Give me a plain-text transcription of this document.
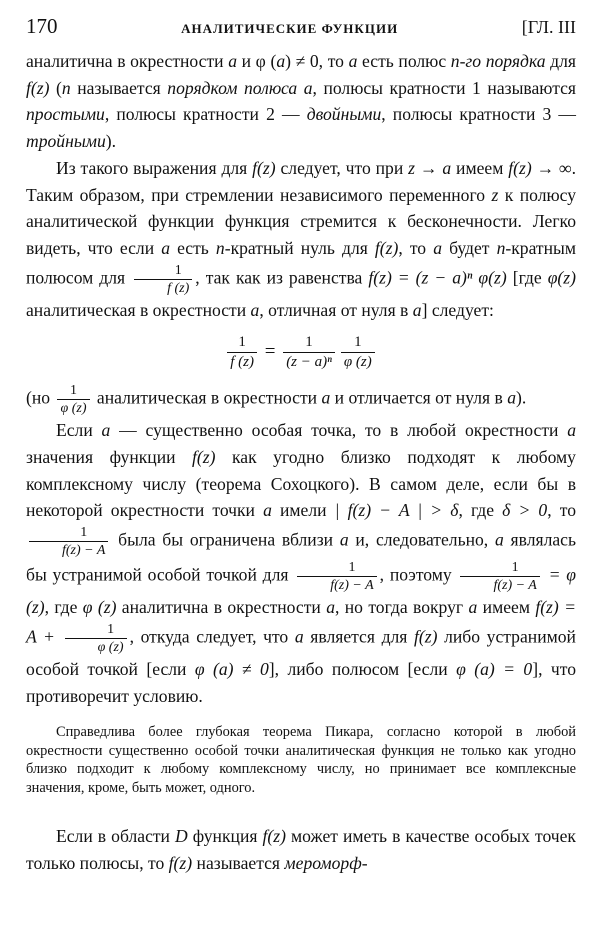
170	АНАЛИТИЧЕСКИЕ ФУНКЦИИ	[ГЛ. III

аналитична в окрестности a и φ (a) ≠ 0, то a есть полюс n-го порядка для f(z) (n называется порядком полюса a, полюсы кратности 1 называются простыми, полюсы кратности 2 — двойными, полюсы кратности 3 — тройными).

Из такого выражения для f(z) следует, что при z → a имеем f(z) → ∞. Таким образом, при стремлении независимого переменного z к полюсу аналитической функции функция стремится к бесконечности. Легко видеть, что если a есть n-кратный нуль для f(z), то a будет n-кратным полюсом для $\frac{1}{f (z)}$ , так как из равенства f(z) = (z − a)ⁿ φ(z) [где φ(z) аналитическая в окрестности a, отличная от нуля в a] следует:

$\frac{1}{f (z)} = \frac{1}{\text{(z − a)ⁿ}} \frac{1}{\varphi (z)}$

($но \frac{1}{\varphi (z)}$ аналитическая в окрестности a и отличается от нуля в a).

Если a — существенно особая точка, то в любой окрестности a значения функции f(z) как угодно близко подходят к любому комплексному числу (теорема Сохоцкого). В самом деле, если бы в некоторой окрестности точки a имели | f(z) − A | > δ, где δ > 0, то
$\frac{1}{f(z) - A}$ была бы ограничена вблизи a и, следовательно, a являлась бы устранимой особой точкой для $\frac{1}{f(z) - A}$ , поэтому $\frac{1}{f(z) - A} = \varphi$ (z), где φ (z) аналитична в окрестности a, но тогда вокруг a имеем $f(z) = A + \frac{1}{\varphi (z)}$ , откуда следует, что a является для f(z) либо устранимой особой точкой [если φ (a) ≠ 0], либо полюсом [если φ (a) = 0], что противоречит условию.

Справедлива более глубокая теорема Пикара, согласно которой в любой окрестности существенно особой точки аналитическая функция не только как угодно близко подходит к любому комплексному числу, но принимает все комплексные значения, кроме, быть может, одного.

Если в области D функция f(z) может иметь в качестве особых точек только полюсы, то f(z) называется мероморф-
